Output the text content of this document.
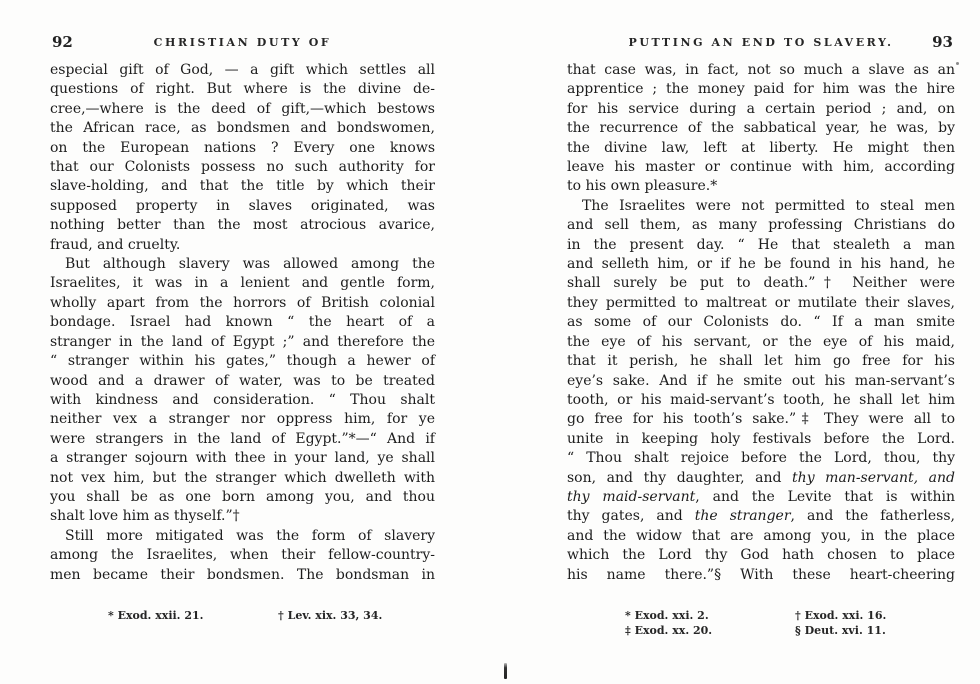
92	CHRISTIAN DUTY OF
especial gift of God, — a gift which settles all
questions of right. But where is the divine de-
cree,—where is the deed of gift,—which bestows
the African race, as bondsmen and bondswomen,
on the European nations ? Every one knows
that our Colonists possess no such authority for
slave-holding, and that the title by which their
supposed property in slaves originated, was
nothing better than the most atrocious avarice,
fraud, and cruelty.
But although slavery was allowed among the
Israelites, it was in a lenient and gentle form,
wholly apart from the horrors of British colonial
bondage. Israel had known “ the heart of a
stranger in the land of Egypt ;” and therefore the
“ stranger within his gates,” though a hewer of
wood and a drawer of water, was to be treated
with kindness and consideration. “ Thou shalt
neither vex a stranger nor oppress him, for ye
were strangers in the land of Egypt.”*—“ And if
a stranger sojourn with thee in your land, ye shall
not vex him, but the stranger which dwelleth with
you shall be as one born among you, and thou
shalt love him as thyself.”†
Still more mitigated was the form of slavery
among the Israelites, when their fellow-country-
men became their bondsmen. The bondsman in
* Exod. xxii. 21.	† Lev. xix. 33, 34.
PUTTING AN END TO SLAVERY.	93
that case was, in fact, not so much a slave as an
apprentice ; the money paid for him was the hire
for his service during a certain period ; and, on
the recurrence of the sabbatical year, he was, by
the divine law, left at liberty. He might then
leave his master or continue with him, according
to his own pleasure.*
The Israelites were not permitted to steal men
and sell them, as many professing Christians do
in the present day. “ He that stealeth a man
and selleth him, or if he be found in his hand, he
shall surely be put to death.”† Neither were
they permitted to maltreat or mutilate their slaves,
as some of our Colonists do. “ If a man smite
the eye of his servant, or the eye of his maid,
that it perish, he shall let him go free for his
eye’s sake. And if he smite out his man-servant’s
tooth, or his maid-servant’s tooth, he shall let him
go free for his tooth’s sake.”‡ They were all to
unite in keeping holy festivals before the Lord.
“ Thou shalt rejoice before the Lord, thou, thy
son, and thy daughter, and thy man-servant, and
thy maid-servant, and the Levite that is within
thy gates, and the stranger, and the fatherless,
and the widow that are among you, in the place
which the Lord thy God hath chosen to place
his name there.”§ With these heart-cheering
* Exod. xxi. 2.	† Exod. xxi. 16.
‡ Exod. xx. 20.	§ Deut. xvi. 11.
